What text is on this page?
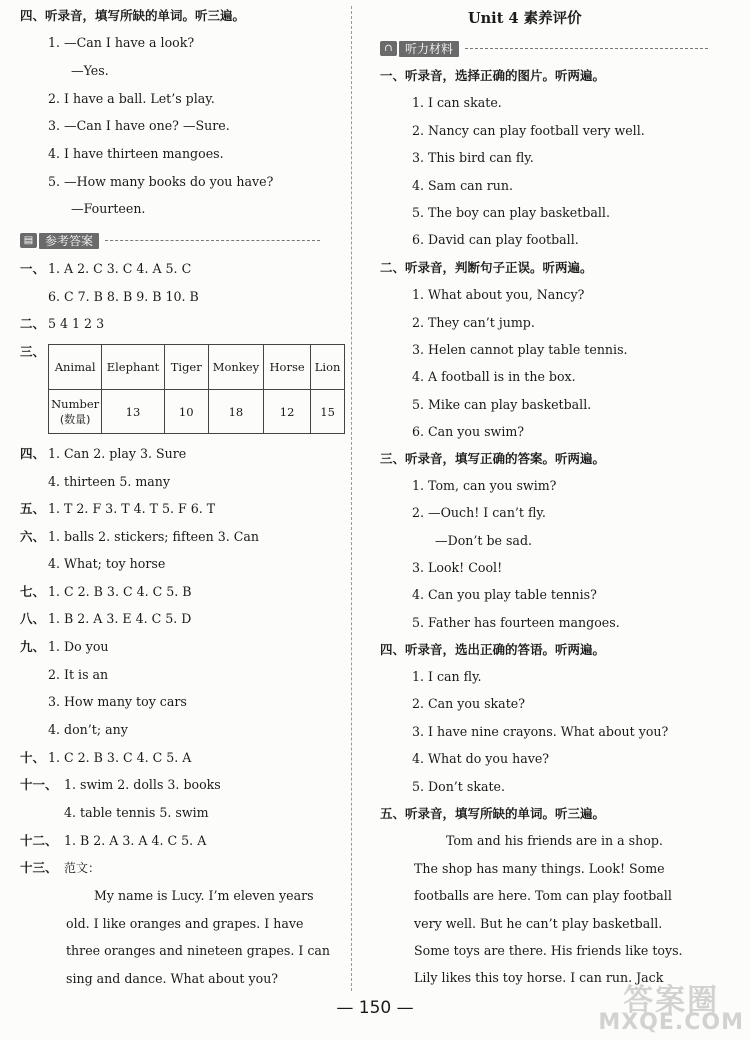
四、听录音，填写所缺的单词。听三遍。
1. —Can I have a look?
—Yes.
2. I have a ball. Let’s play.
3. —Can I have one? —Sure.
4. I have thirteen mangoes.
5. —How many books do you have?
—Fourteen.
▤ 参考答案
一、 1. A 2. C 3. C 4. A 5. C
6. C 7. B 8. B 9. B 10. B
二、 5 4 1 2 3
三、
Animal	Elephant	Tiger	Monkey	Horse	Lion

Number
(数量)	13	10	18	12	15
四、 1. Can 2. play 3. Sure
4. thirteen 5. many
五、 1. T 2. F 3. T 4. T 5. F 6. T
六、 1. balls 2. stickers; fifteen 3. Can
4. What; toy horse
七、 1. C 2. B 3. C 4. C 5. B
八、 1. B 2. A 3. E 4. C 5. D
九、 1. Do you
2. It is an
3. How many toy cars
4. don’t; any
十、 1. C 2. B 3. C 4. C 5. A
十一、 1. swim 2. dolls 3. books
4. table tennis 5. swim
十二、 1. B 2. A 3. A 4. C 5. A
十三、 范文：
My name is Lucy. I’m eleven years
old. I like oranges and grapes. I have
three oranges and nineteen grapes. I can
sing and dance. What about you?
Unit 4 素养评价
∩	听力材料
一、听录音，选择正确的图片。听两遍。
1. I can skate.
2. Nancy can play football very well.
3. This bird can fly.
4. Sam can run.
5. The boy can play basketball.
6. David can play football.
二、听录音，判断句子正误。听两遍。
1. What about you, Nancy?
2. They can’t jump.
3. Helen cannot play table tennis.
4. A football is in the box.
5. Mike can play basketball.
6. Can you swim?
三、听录音，填写正确的答案。听两遍。
1. Tom, can you swim?
2. —Ouch! I can’t fly.
—Don’t be sad.
3. Look! Cool!
4. Can you play table tennis?
5. Father has fourteen mangoes.
四、听录音，选出正确的答语。听两遍。
1. I can fly.
2. Can you skate?
3. I have nine crayons. What about you?
4. What do you have?
5. Don’t skate.
五、听录音，填写所缺的单词。听三遍。
Tom and his friends are in a shop.
The shop has many things. Look! Some
footballs are here. Tom can play football
very well. But he can’t play basketball.
Some toys are there. His friends like toys.
Lily likes this toy horse. I can run. Jack
— 150 —	答案圈
MXQE.COM
